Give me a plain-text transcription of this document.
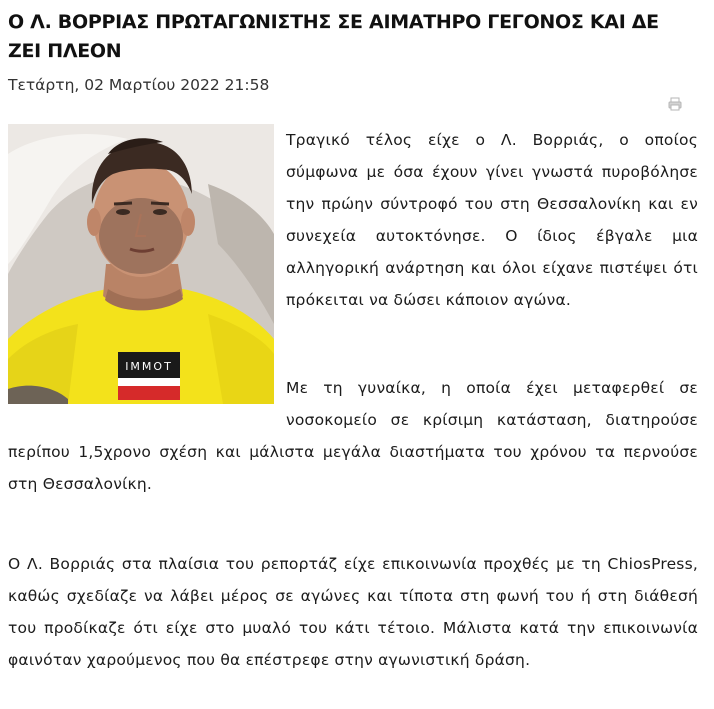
Ο Λ. ΒΟΡΡΙΑΣ ΠΡΩΤΑΓΩΝΙΣΤΗΣ ΣΕ ΑΙΜΑΤΗΡΟ ΓΕΓΟΝΟΣ ΚΑΙ ΔΕ ΖΕΙ ΠΛΕΟΝ
Τετάρτη, 02 Μαρτίου 2022 21:58
IMMOT

Τραγικό τέλος είχε ο Λ. Βορριάς, ο οποίος σύμφωνα με όσα έχουν γίνει γνωστά πυροβόλησε την πρώην σύντροφό του στη Θεσσαλονίκη και εν συνεχεία αυτοκτόνησε. Ο ίδιος έβγαλε μια αλληγορική ανάρτηση και όλοι είχανε πιστέψει ότι πρόκειται να δώσει κάποιον αγώνα.

Με τη γυναίκα, η οποία έχει μεταφερθεί σε νοσοκομείο σε κρίσιμη κατάσταση, διατηρούσε περίπου 1,5χρονο σχέση και μάλιστα μεγάλα διαστήματα του χρόνου τα περνούσε στη Θεσσαλονίκη.

Ο Λ. Βορριάς στα πλαίσια του ρεπορτάζ είχε επικοινωνία προχθές με τη ChiosPress, καθώς σχεδίαζε να λάβει μέρος σε αγώνες και τίποτα στη φωνή του ή στη διάθεσή του προδίκαζε ότι είχε στο μυαλό του κάτι τέτοιο. Μάλιστα κατά την επικοινωνία φαινόταν χαρούμενος που θα επέστρεφε στην αγωνιστική δράση.
